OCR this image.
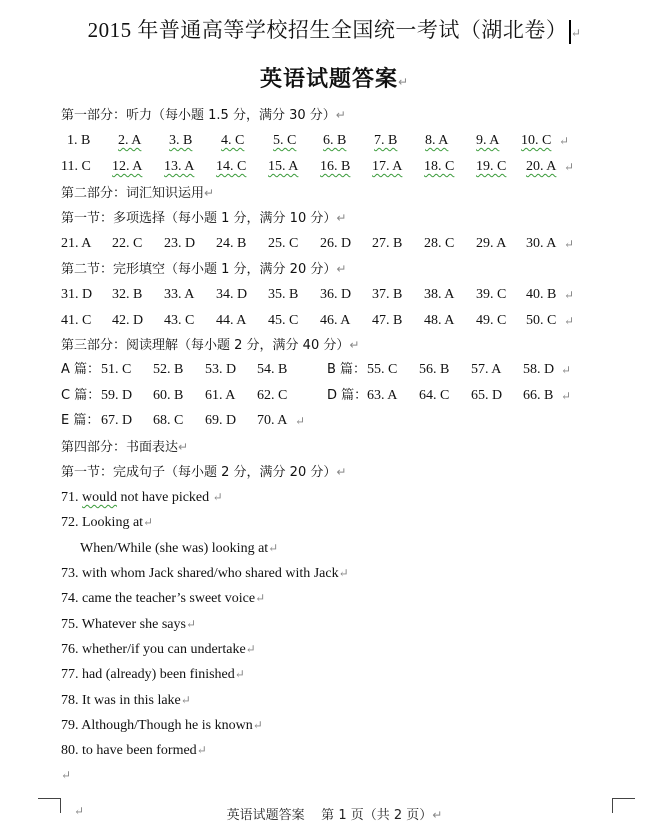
2015 年普通高等学校招生全国统一考试（湖北卷） ↵
英语试题答案↵
第一部分：听力（每小题 1.5 分，满分 30 分）↵
1. B 2. A 3. B 4. C 5. C 6. B 7. B 8. A 9. A 10. C ↵
11. C 12. A 13. A 14. C 15. A 16. B 17. A 18. C 19. C 20. A ↵
第二部分：词汇知识运用↵
第一节：多项选择（每小题 1 分，满分 10 分）↵
21. A 22. C 23. D 24. B 25. C 26. D 27. B 28. C 29. A 30. A ↵
第二节：完形填空（每小题 1 分，满分 20 分）↵
31. D 32. B 33. A 34. D 35. B 36. D 37. B 38. A 39. C 40. B ↵
41. C 42. D 43. C 44. A 45. C 46. A 47. B 48. A 49. C 50. C ↵
第三部分：阅读理解（每小题 2 分，满分 40 分）↵
A 篇： 51. C 52. B 53. D 54. B	B 篇： 55. C 56. B 57. A 58. D ↵
C 篇： 59. D 60. B 61. A 62. C	D 篇： 63. A 64. C 65. D 66. B ↵
E 篇： 67. D 68. C 69. D 70. A ↵
第四部分：书面表达↵
第一节：完成句子（每小题 2 分，满分 20 分）↵
71. would not have picked ↵
72. Looking at↵
When/While (she was) looking at↵
73. with whom Jack shared/who shared with Jack↵
74. came the teacher’s sweet voice↵
75. Whatever she says↵
76. whether/if you can undertake↵
77. had (already) been finished↵
78. It was in this lake↵
79. Although/Though he is known↵
80. to have been formed↵
↵
↵	英语试题答案    第 1 页（共 2 页）↵
